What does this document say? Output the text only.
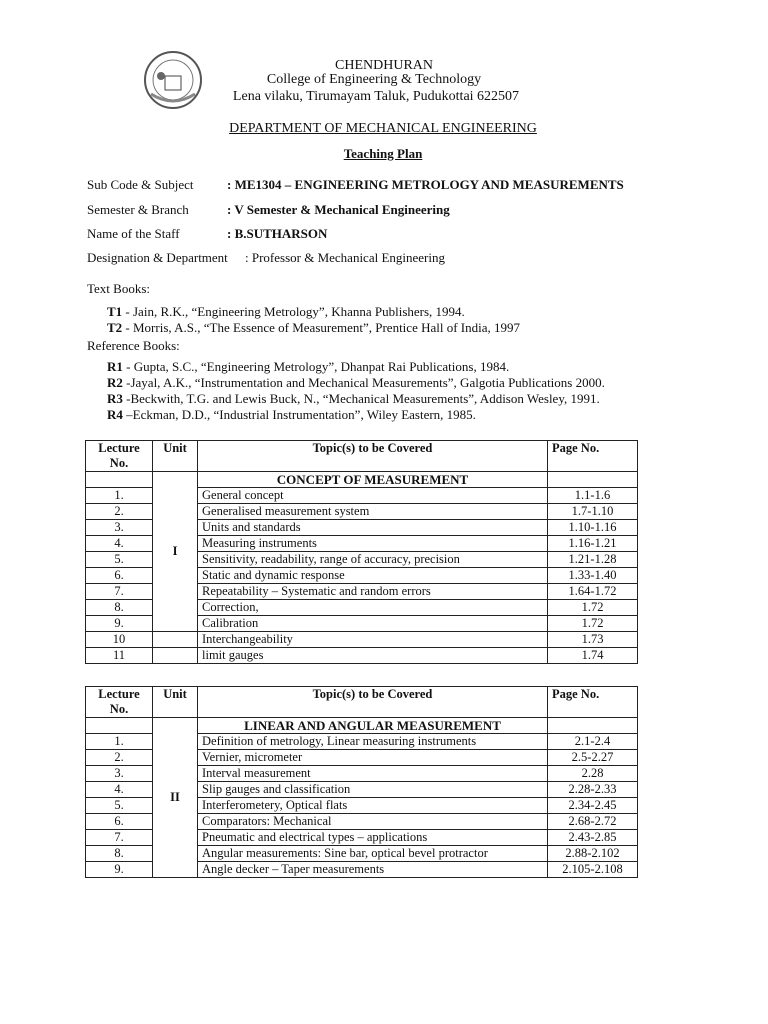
CHENDHURAN
College of Engineering & Technology
Lena vilaku, Tirumayam Taluk, Pudukottai 622507
DEPARTMENT OF MECHANICAL ENGINEERING
Teaching Plan
Sub Code & Subject	: ME1304 – ENGINEERING METROLOGY AND MEASUREMENTS
Semester & Branch	: V Semester & Mechanical Engineering
Name of the Staff	: B.SUTHARSON
Designation & Department : Professor & Mechanical Engineering
Text Books:
T1 - Jain, R.K., “Engineering Metrology”, Khanna Publishers, 1994.
T2 - Morris, A.S., “The Essence of Measurement”, Prentice Hall of India, 1997
Reference Books:
R1 - Gupta, S.C., “Engineering Metrology”, Dhanpat Rai Publications, 1984.
R2 -Jayal, A.K., “Instrumentation and Mechanical Measurements”, Galgotia Publications 2000.
R3 -Beckwith, T.G. and Lewis Buck, N., “Mechanical Measurements”, Addison Wesley, 1991.
R4 –Eckman, D.D., “Industrial Instrumentation”, Wiley Eastern, 1985.
Lecture No.	Unit	Topic(s) to be Covered	Page No.
	I	CONCEPT OF MEASUREMENT	
1.		General concept	1.1-1.6
2.		Generalised measurement system	1.7-1.10
3.		Units and standards	1.10-1.16
4.		Measuring instruments	1.16-1.21
5.		Sensitivity, readability, range of accuracy, precision	1.21-1.28
6.		Static and dynamic response	1.33-1.40
7.		Repeatability – Systematic and random errors	1.64-1.72
8.		Correction,	1.72
9.		Calibration	1.72
10		Interchangeability	1.73
11		limit gauges	1.74
Lecture No.	Unit	Topic(s) to be Covered	Page No.
	II	LINEAR AND ANGULAR MEASUREMENT	
1.		Definition of metrology, Linear measuring instruments	2.1-2.4
2.		Vernier, micrometer	2.5-2.27
3.		Interval measurement	2.28
4.		Slip gauges and classification	2.28-2.33
5.		Interferometery, Optical flats	2.34-2.45
6.		Comparators: Mechanical	2.68-2.72
7.		Pneumatic and electrical types – applications	2.43-2.85
8.		Angular measurements: Sine bar, optical bevel protractor	2.88-2.102
9.		Angle decker – Taper measurements	2.105-2.108
